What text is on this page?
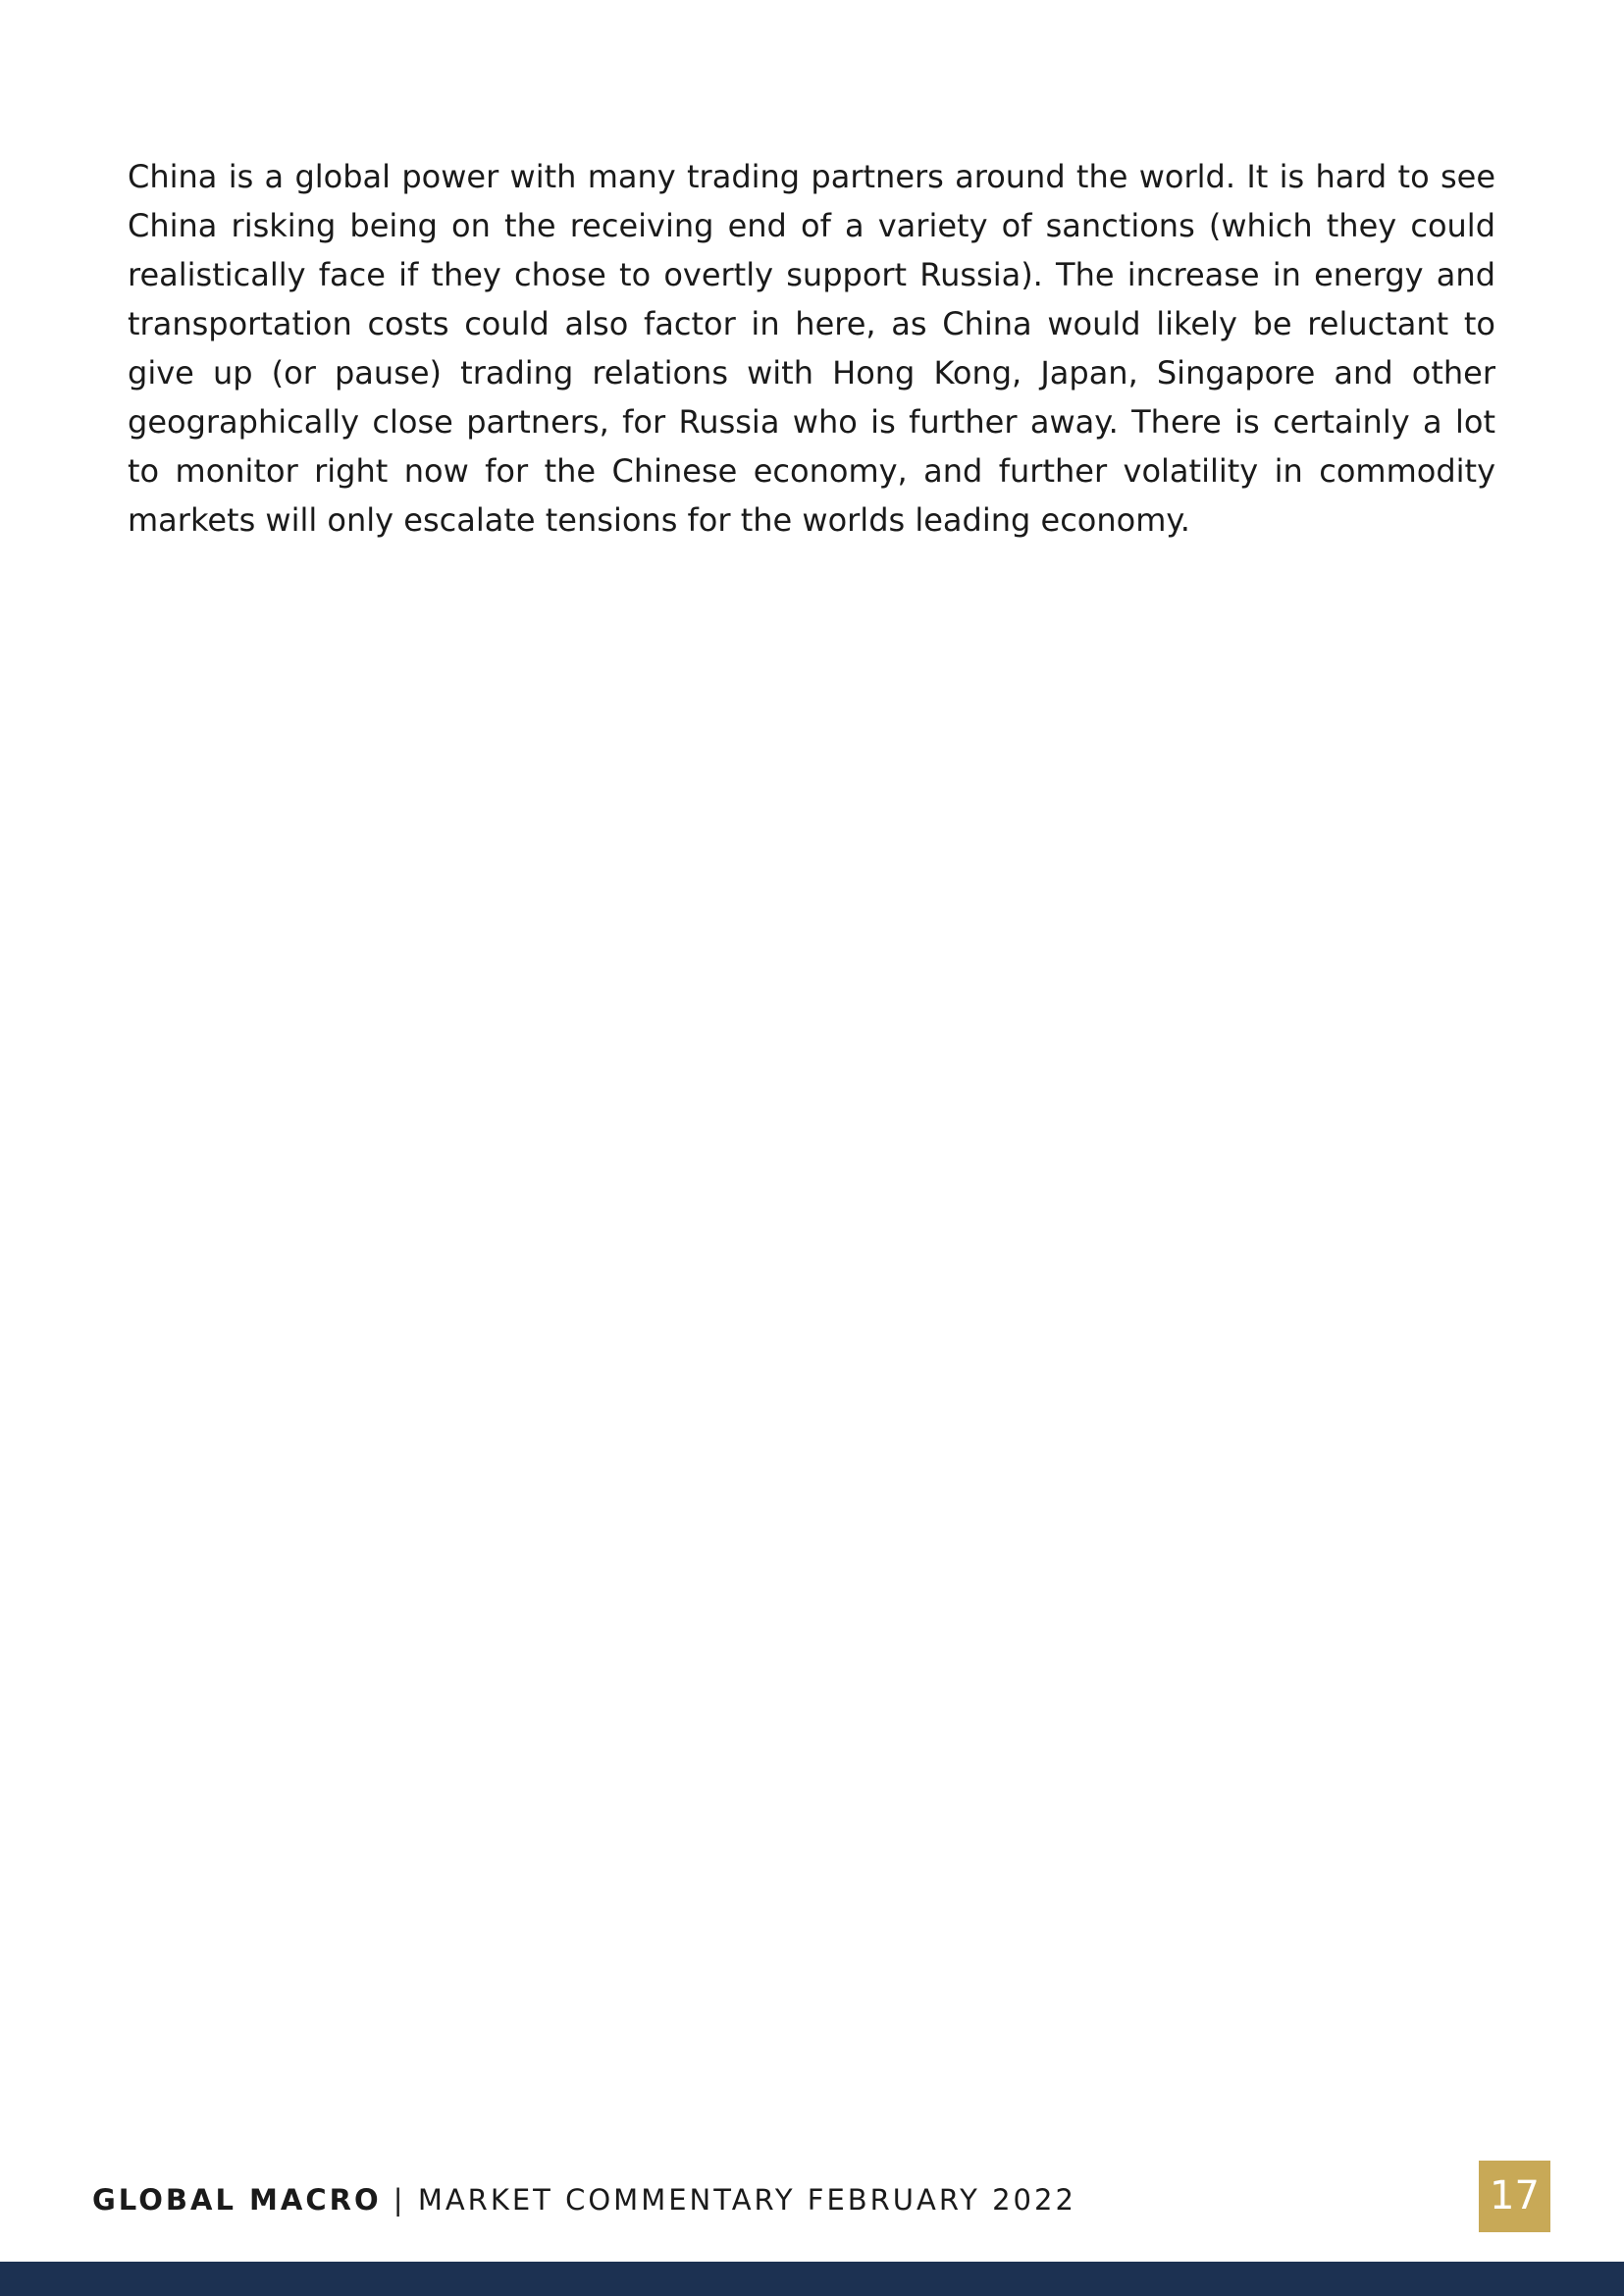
China is a global power with many trading partners around the world. It is hard to see China risking being on the receiving end of a variety of sanctions (which they could realistically face if they chose to overtly support Russia). The increase in energy and transportation costs could also factor in here, as China would likely be reluctant to give up (or pause) trading relations with Hong Kong, Japan, Singapore and other geographically close partners, for Russia who is further away. There is certainly a lot to monitor right now for the Chinese economy, and further volatility in commodity markets will only escalate tensions for the worlds leading economy.

GLOBAL MACRO | MARKET COMMENTARY FEBRUARY 2022	17
